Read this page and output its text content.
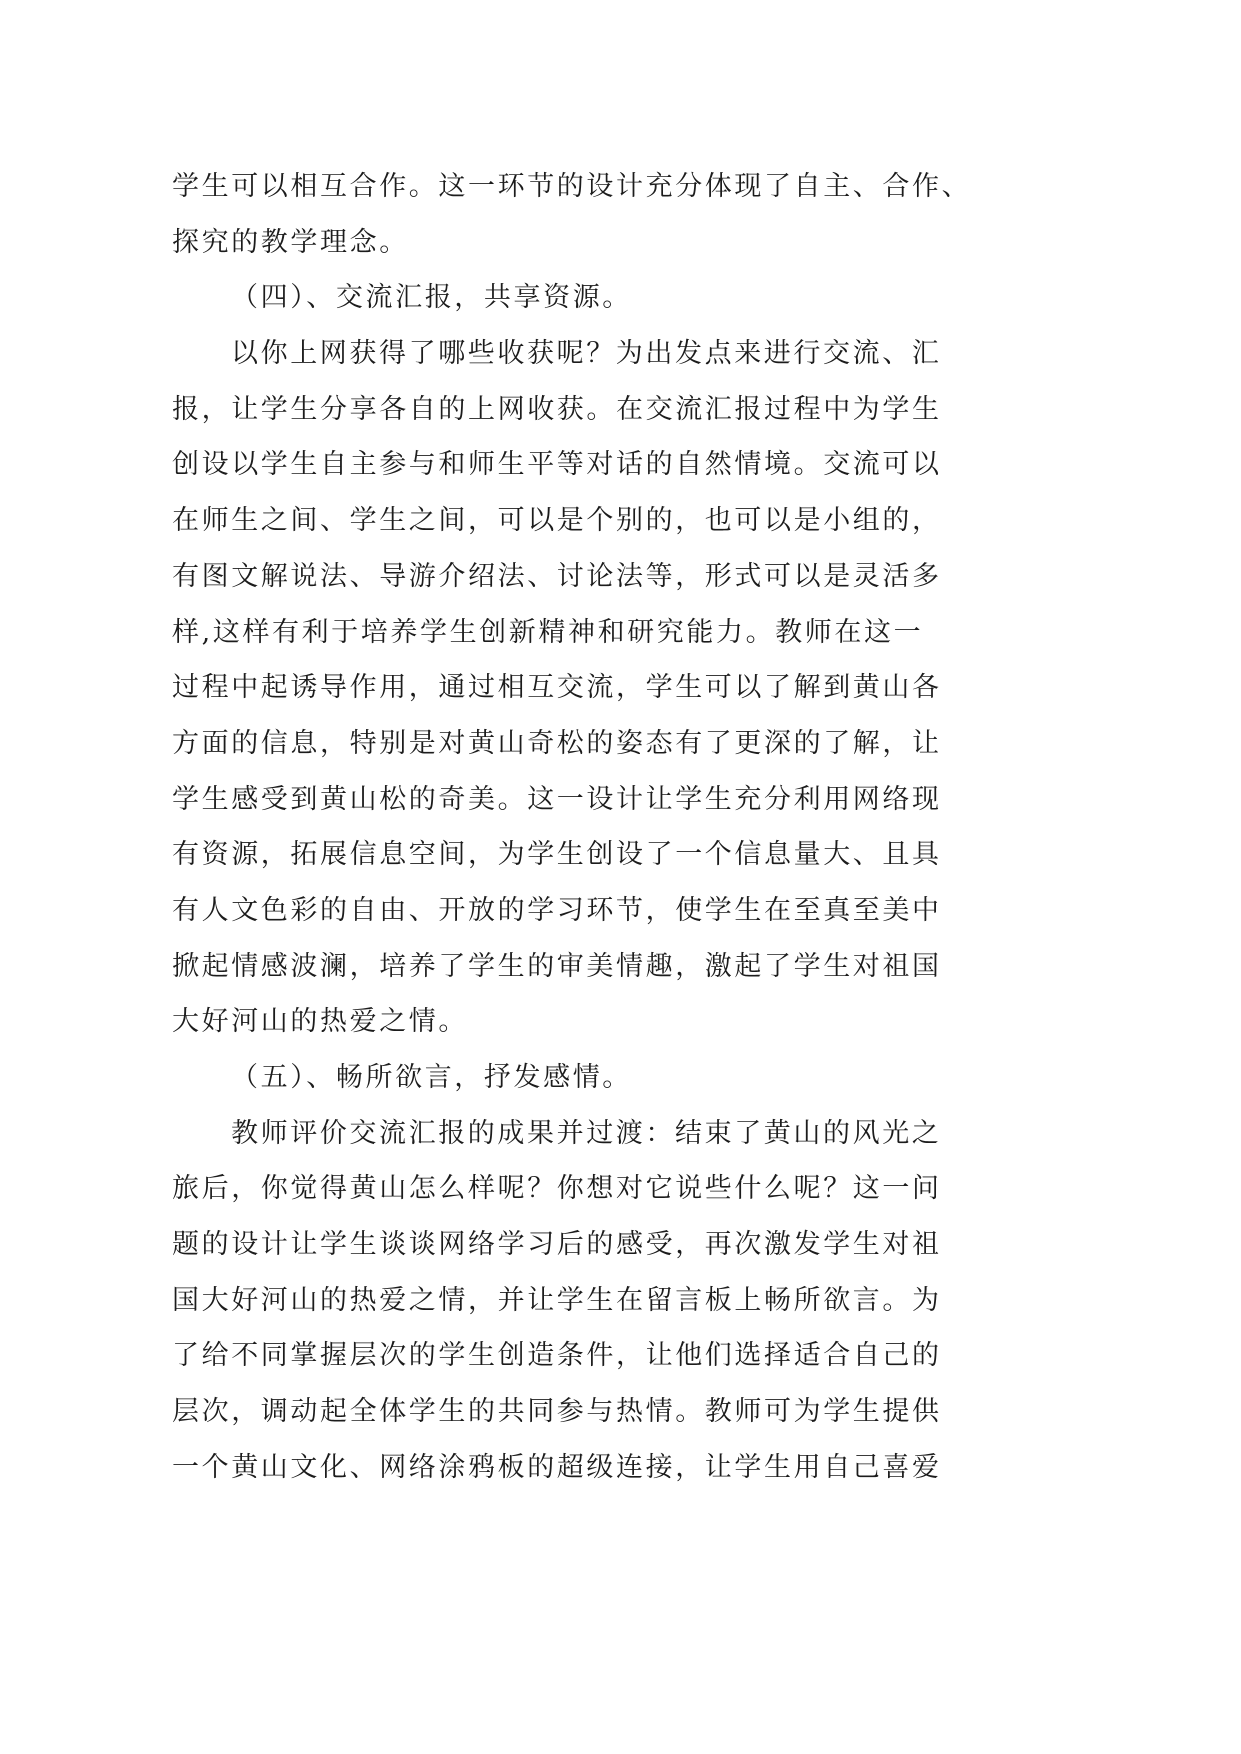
学生可以相互合作。这一环节的设计充分体现了自主、合作、
探究的教学理念。
（四）、交流汇报，共享资源。
以你上网获得了哪些收获呢？为出发点来进行交流、汇
报，让学生分享各自的上网收获。在交流汇报过程中为学生
创设以学生自主参与和师生平等对话的自然情境。交流可以
在师生之间、学生之间，可以是个别的，也可以是小组的，
有图文解说法、导游介绍法、讨论法等，形式可以是灵活多
样,这样有利于培养学生创新精神和研究能力。教师在这一
过程中起诱导作用，通过相互交流，学生可以了解到黄山各
方面的信息，特别是对黄山奇松的姿态有了更深的了解，让
学生感受到黄山松的奇美。这一设计让学生充分利用网络现
有资源，拓展信息空间，为学生创设了一个信息量大、且具
有人文色彩的自由、开放的学习环节，使学生在至真至美中
掀起情感波澜，培养了学生的审美情趣，激起了学生对祖国
大好河山的热爱之情。
（五）、畅所欲言，抒发感情。
教师评价交流汇报的成果并过渡：结束了黄山的风光之
旅后，你觉得黄山怎么样呢？你想对它说些什么呢？这一问
题的设计让学生谈谈网络学习后的感受，再次激发学生对祖
国大好河山的热爱之情，并让学生在留言板上畅所欲言。为
了给不同掌握层次的学生创造条件，让他们选择适合自己的
层次，调动起全体学生的共同参与热情。教师可为学生提供
一个黄山文化、网络涂鸦板的超级连接，让学生用自己喜爱
